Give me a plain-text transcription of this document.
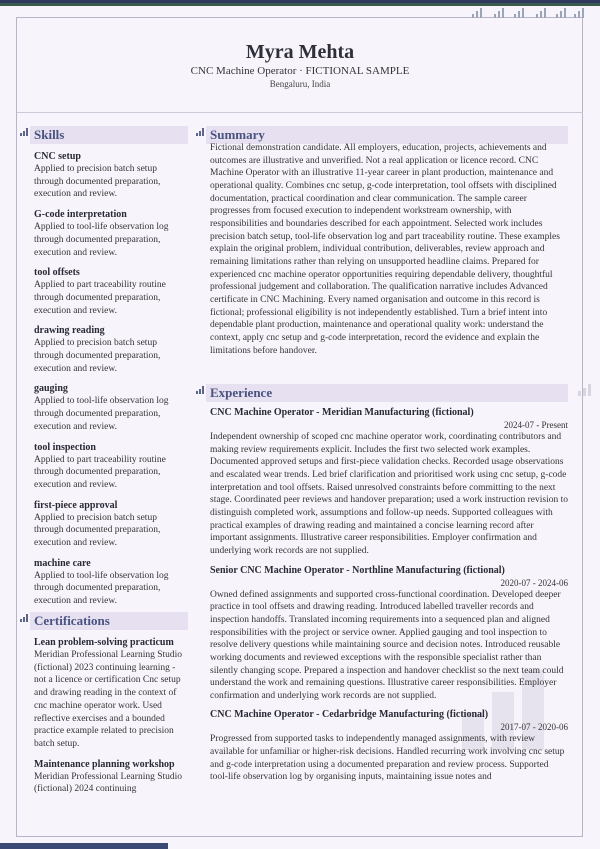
Myra Mehta
CNC Machine Operator · FICTIONAL SAMPLE
Bengaluru, India
Skills
CNC setup
Applied to precision batch setup through documented preparation, execution and review.
G-code interpretation
Applied to tool-life observation log through documented preparation, execution and review.
tool offsets
Applied to part traceability routine through documented preparation, execution and review.
drawing reading
Applied to precision batch setup through documented preparation, execution and review.
gauging
Applied to tool-life observation log through documented preparation, execution and review.
tool inspection
Applied to part traceability routine through documented preparation, execution and review.
first-piece approval
Applied to precision batch setup through documented preparation, execution and review.
machine care
Applied to tool-life observation log through documented preparation, execution and review.
Certifications
Lean problem-solving practicum
Meridian Professional Learning Studio (fictional) 2023 continuing learning - not a licence or certification Cnc setup and drawing reading in the context of cnc machine operator work. Used reflective exercises and a bounded practice example related to precision batch setup.
Maintenance planning workshop
Meridian Professional Learning Studio (fictional) 2024 continuing
Summary
Fictional demonstration candidate. All employers, education, projects, achievements and outcomes are illustrative and unverified. Not a real application or licence record. CNC Machine Operator with an illustrative 11-year career in plant production, maintenance and operational quality. Combines cnc setup, g-code interpretation, tool offsets with disciplined documentation, practical coordination and clear communication. The sample career progresses from focused execution to independent workstream ownership, with responsibilities and boundaries described for each appointment. Selected work includes precision batch setup, tool-life observation log and part traceability routine. These examples explain the original problem, individual contribution, deliverables, review approach and remaining limitations rather than relying on unsupported headline claims. Prepared for experienced cnc machine operator opportunities requiring dependable delivery, thoughtful professional judgement and collaboration. The qualification narrative includes Advanced certificate in CNC Machining. Every named organisation and outcome in this record is fictional; professional eligibility is not independently established. Turn a brief intent into dependable plant production, maintenance and operational quality work: understand the context, apply cnc setup and g-code interpretation, record the evidence and explain the limitations before handover.
Experience
CNC Machine Operator - Meridian Manufacturing (fictional)
2024-07 - Present
Independent ownership of scoped cnc machine operator work, coordinating contributors and making review requirements explicit. Includes the first two selected work examples. Documented approved setups and first-piece validation checks. Recorded usage observations and escalated wear trends. Led brief clarification and prioritised work using cnc setup, g-code interpretation and tool offsets. Raised unresolved constraints before committing to the next stage. Coordinated peer reviews and handover preparation; used a work instruction revision to distinguish completed work, assumptions and follow-up needs. Supported colleagues with practical examples of drawing reading and maintained a concise learning record after important assignments. Illustrative career responsibilities. Employer confirmation and underlying work records are not supplied.
Senior CNC Machine Operator - Northline Manufacturing (fictional)
2020-07 - 2024-06
Owned defined assignments and supported cross-functional coordination. Developed deeper practice in tool offsets and drawing reading. Introduced labelled traveller records and inspection handoffs. Translated incoming requirements into a sequenced plan and aligned responsibilities with the project or service owner. Applied gauging and tool inspection to resolve delivery questions while maintaining source and decision notes. Introduced reusable working documents and reviewed exceptions with the responsible specialist rather than silently changing scope. Prepared a inspection and handover checklist so the next team could understand the work and remaining questions. Illustrative career responsibilities. Employer confirmation and underlying work records are not supplied.
CNC Machine Operator - Cedarbridge Manufacturing (fictional)
2017-07 - 2020-06
Progressed from supported tasks to independently managed assignments, with review available for unfamiliar or higher-risk decisions. Handled recurring work involving cnc setup and g-code interpretation using a documented preparation and review process. Supported tool-life observation log by organising inputs, maintaining issue notes and
